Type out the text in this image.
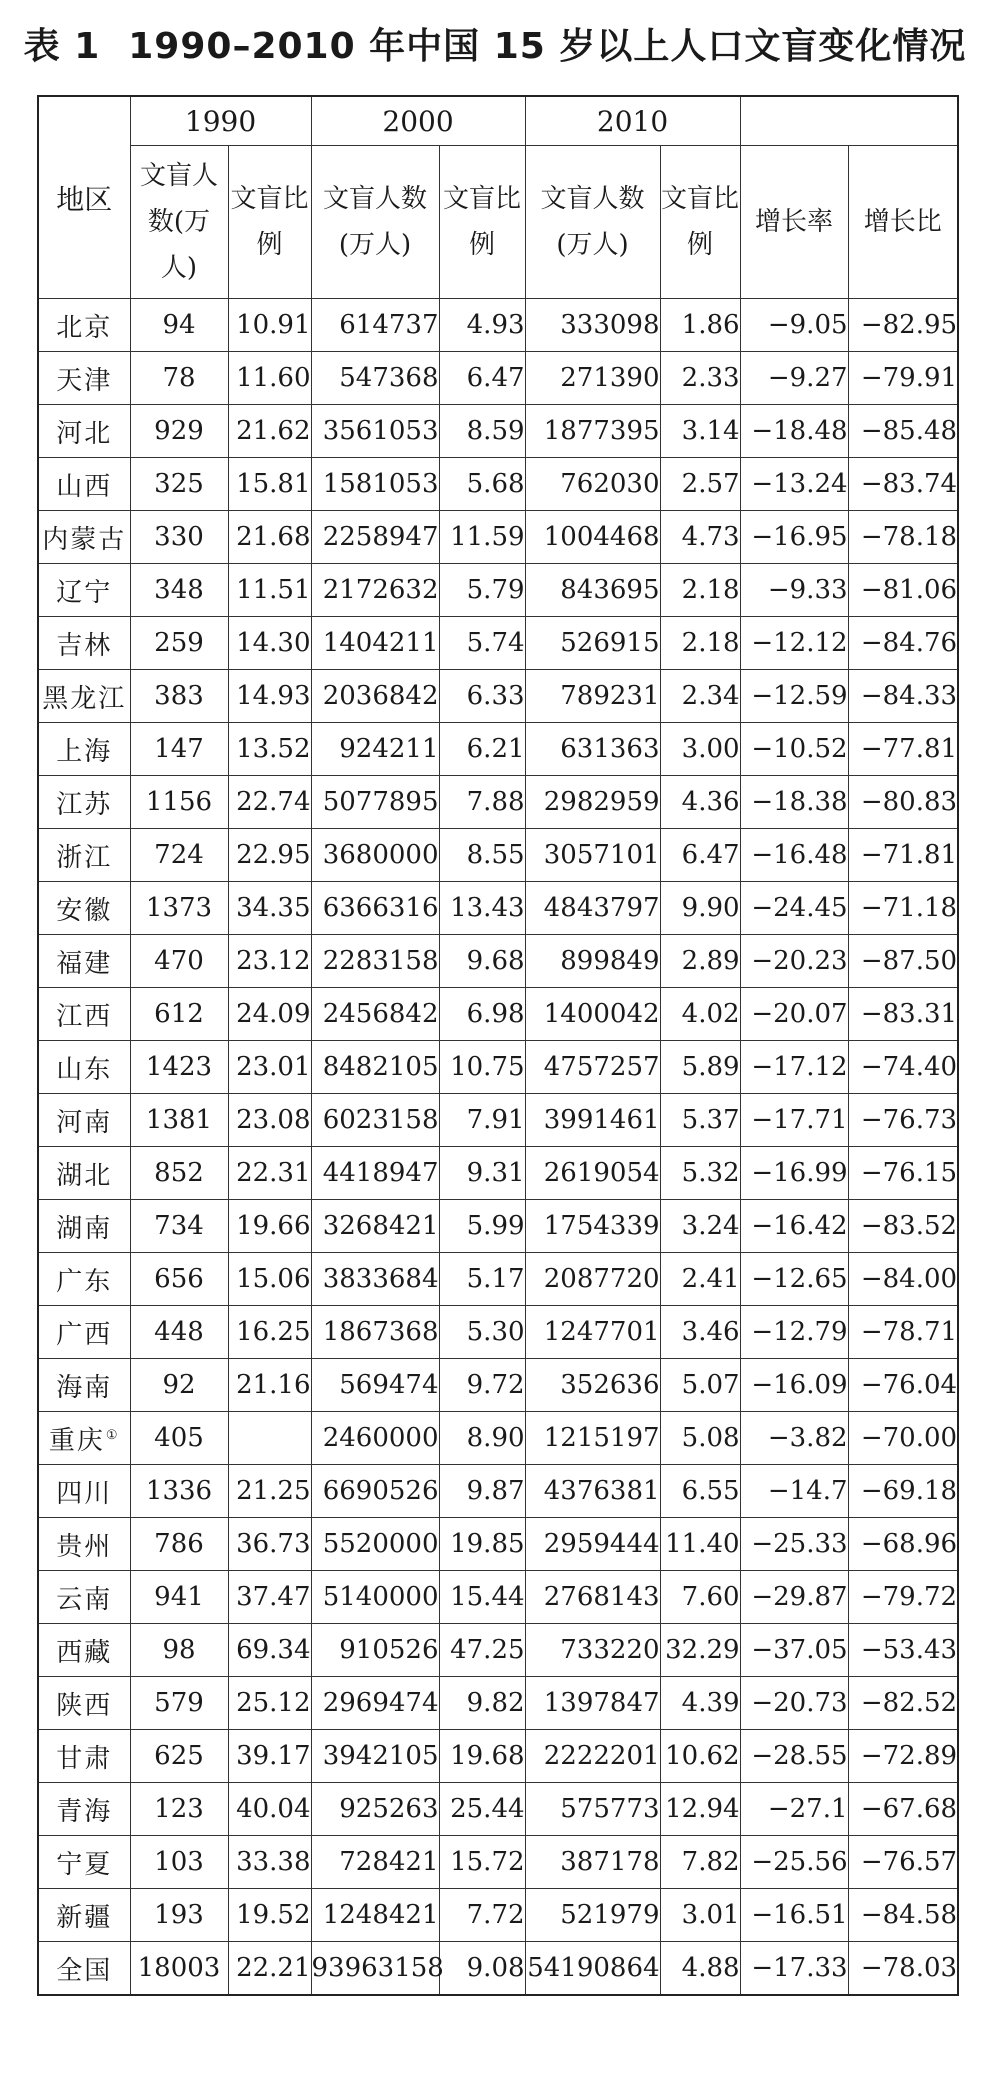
表 1 1990–2010 年中国 15 岁以上人口文盲变化情况
地区	1990		2000		2010			
	文盲人数(万人)	文盲比例	文盲人数(万人)	文盲比例	文盲人数(万人)	文盲比例	增长率	增长比
北京	94	10.91	614737	4.93	333098	1.86	−9.05	−82.95
天津	78	11.60	547368	6.47	271390	2.33	−9.27	−79.91
河北	929	21.62	3561053	8.59	1877395	3.14	−18.48	−85.48
山西	325	15.81	1581053	5.68	762030	2.57	−13.24	−83.74
内蒙古	330	21.68	2258947	11.59	1004468	4.73	−16.95	−78.18
辽宁	348	11.51	2172632	5.79	843695	2.18	−9.33	−81.06
吉林	259	14.30	1404211	5.74	526915	2.18	−12.12	−84.76
黑龙江	383	14.93	2036842	6.33	789231	2.34	−12.59	−84.33
上海	147	13.52	924211	6.21	631363	3.00	−10.52	−77.81
江苏	1156	22.74	5077895	7.88	2982959	4.36	−18.38	−80.83
浙江	724	22.95	3680000	8.55	3057101	6.47	−16.48	−71.81
安徽	1373	34.35	6366316	13.43	4843797	9.90	−24.45	−71.18
福建	470	23.12	2283158	9.68	899849	2.89	−20.23	−87.50
江西	612	24.09	2456842	6.98	1400042	4.02	−20.07	−83.31
山东	1423	23.01	8482105	10.75	4757257	5.89	−17.12	−74.40
河南	1381	23.08	6023158	7.91	3991461	5.37	−17.71	−76.73
湖北	852	22.31	4418947	9.31	2619054	5.32	−16.99	−76.15
湖南	734	19.66	3268421	5.99	1754339	3.24	−16.42	−83.52
广东	656	15.06	3833684	5.17	2087720	2.41	−12.65	−84.00
广西	448	16.25	1867368	5.30	1247701	3.46	−12.79	−78.71
海南	92	21.16	569474	9.72	352636	5.07	−16.09	−76.04
重庆①	405		2460000	8.90	1215197	5.08	−3.82	−70.00
四川	1336	21.25	6690526	9.87	4376381	6.55	−14.7	−69.18
贵州	786	36.73	5520000	19.85	2959444	11.40	−25.33	−68.96
云南	941	37.47	5140000	15.44	2768143	7.60	−29.87	−79.72
西藏	98	69.34	910526	47.25	733220	32.29	−37.05	−53.43
陕西	579	25.12	2969474	9.82	1397847	4.39	−20.73	−82.52
甘肃	625	39.17	3942105	19.68	2222201	10.62	−28.55	−72.89
青海	123	40.04	925263	25.44	575773	12.94	−27.1	−67.68
宁夏	103	33.38	728421	15.72	387178	7.82	−25.56	−76.57
新疆	193	19.52	1248421	7.72	521979	3.01	−16.51	−84.58
全国	18003	22.21	93963158	9.08	54190864	4.88	−17.33	−78.03
